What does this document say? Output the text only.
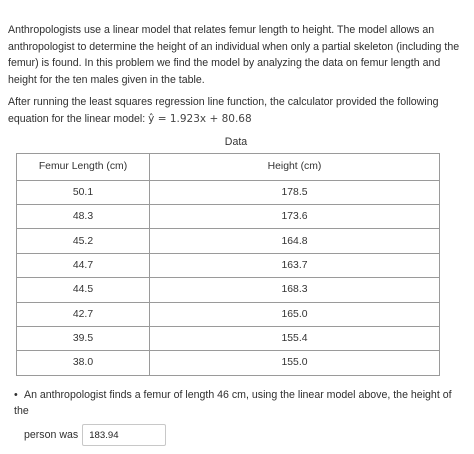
Anthropologists use a linear model that relates femur length to height. The model allows an anthropologist to determine the height of an individual when only a partial skeleton (including the femur) is found. In this problem we find the model by analyzing the data on femur length and height for the ten males given in the table.

After running the least squares regression line function, the calculator provided the following equation for the linear model: ŷ = 1.923x + 80.68

Data
Femur Length (cm)	Height (cm)
50.1	178.5
48.3	173.6
45.2	164.8
44.7	163.7
44.5	168.3
42.7	165.0
39.5	155.4
38.0	155.0
• An anthropologist finds a femur of length 46 cm, using the linear model above, the height of the
person was	183.94
